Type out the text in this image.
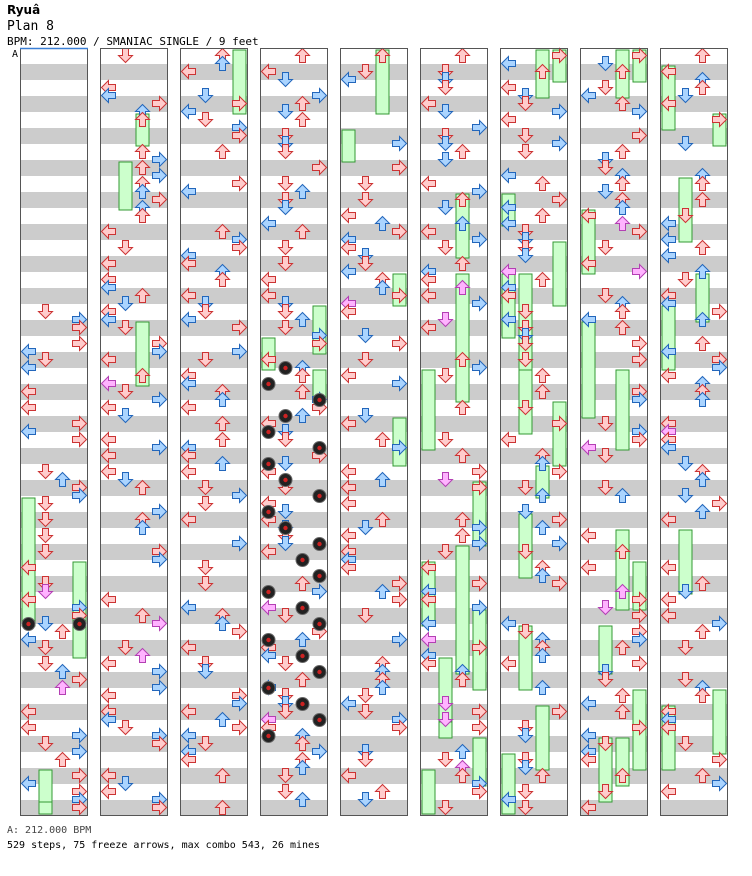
Ryuâ
Plan 8
BPM: 212.000 / SMANIAC SINGLE / 9 feet
A
A: 212.000 BPM
529 steps, 75 freeze arrows, max combo 543, 26 mines
